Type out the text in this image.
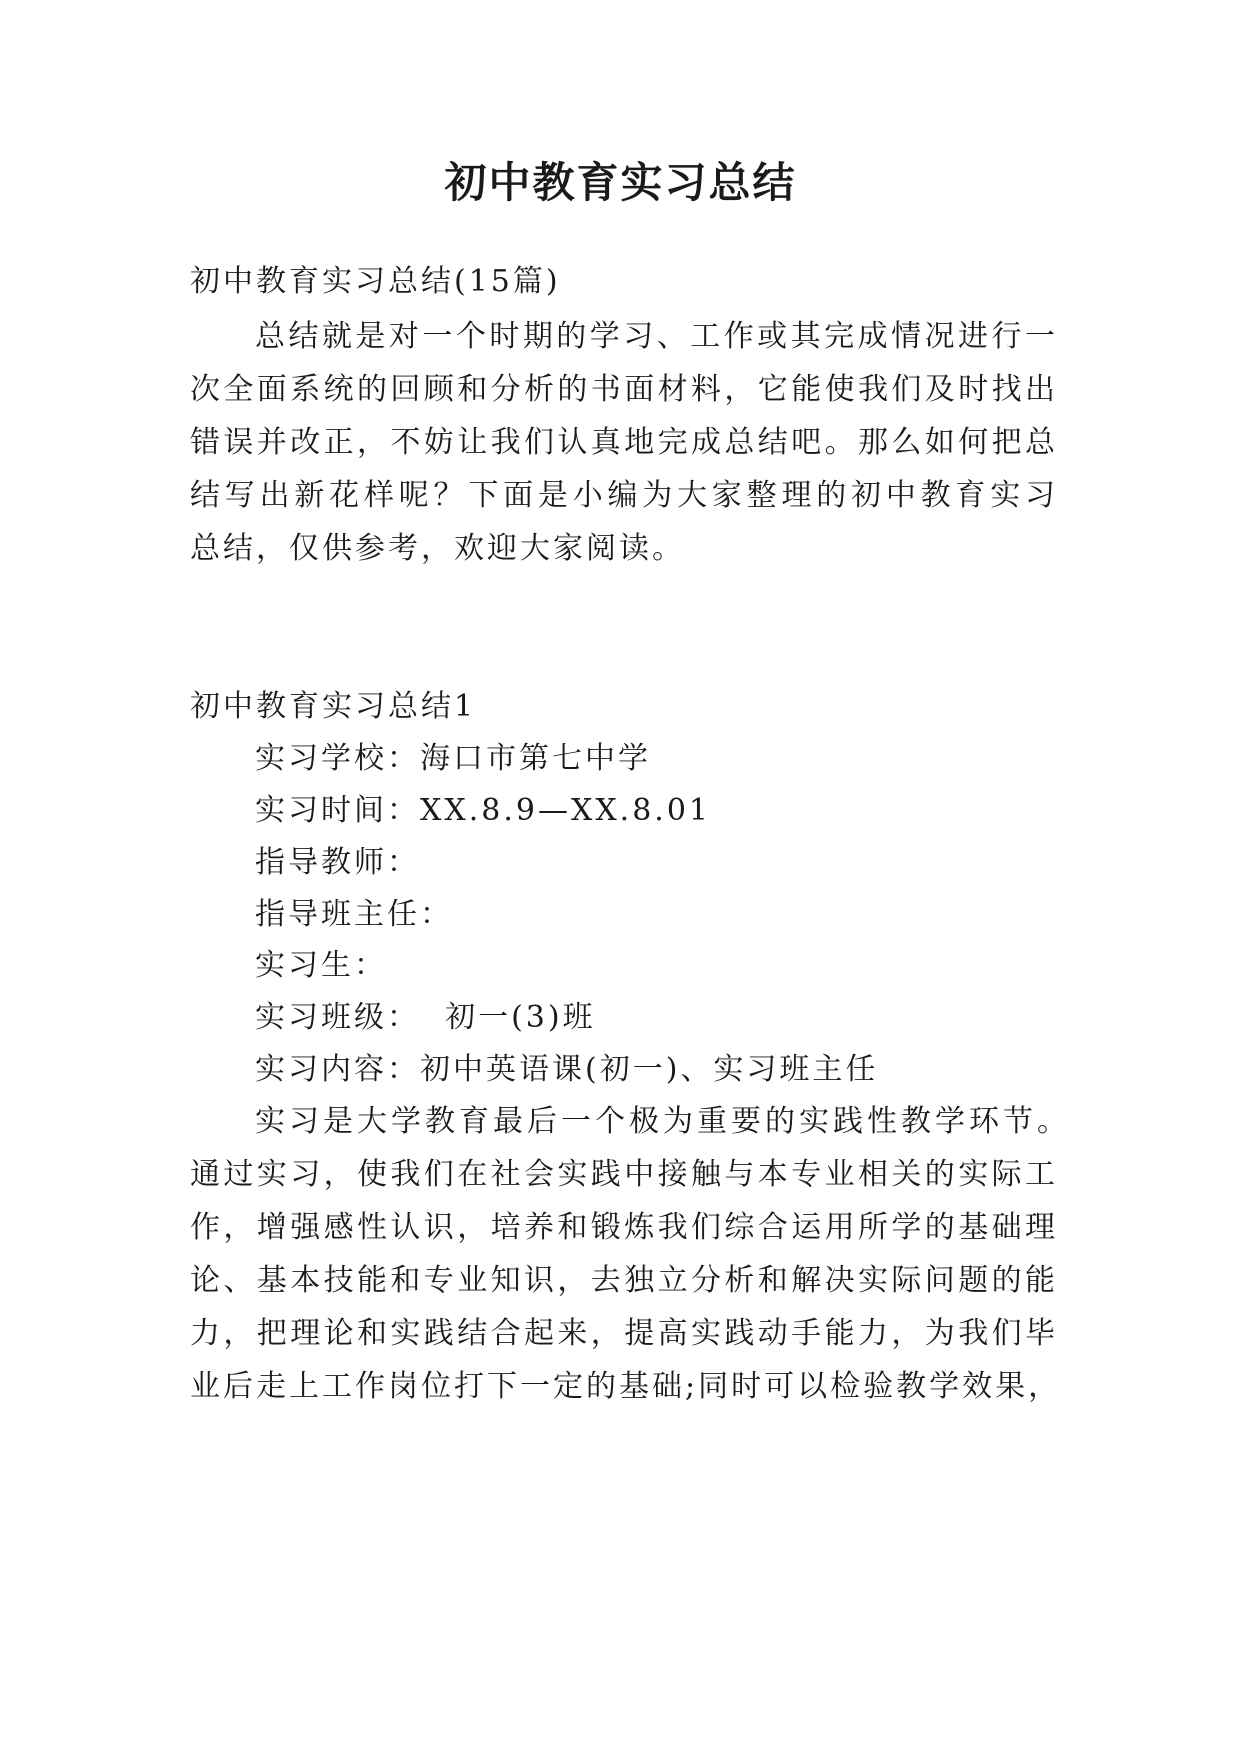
初中教育实习总结
初中教育实习总结(15篇)
总结就是对一个时期的学习、工作或其完成情况进行一
次全面系统的回顾和分析的书面材料，它能使我们及时找出
错误并改正，不妨让我们认真地完成总结吧。那么如何把总
结写出新花样呢？下面是小编为大家整理的初中教育实习
总结，仅供参考，欢迎大家阅读。
初中教育实习总结1
实习学校：海口市第七中学
实习时间：XX.8.9—XX.8.01
指导教师：
指导班主任：
实习生：
实习班级：  初一(3)班
实习内容：初中英语课(初一)、实习班主任
实习是大学教育最后一个极为重要的实践性教学环节。
通过实习，使我们在社会实践中接触与本专业相关的实际工
作，增强感性认识，培养和锻炼我们综合运用所学的基础理
论、基本技能和专业知识，去独立分析和解决实际问题的能
力，把理论和实践结合起来，提高实践动手能力，为我们毕
业后走上工作岗位打下一定的基础;同时可以检验教学效果，
